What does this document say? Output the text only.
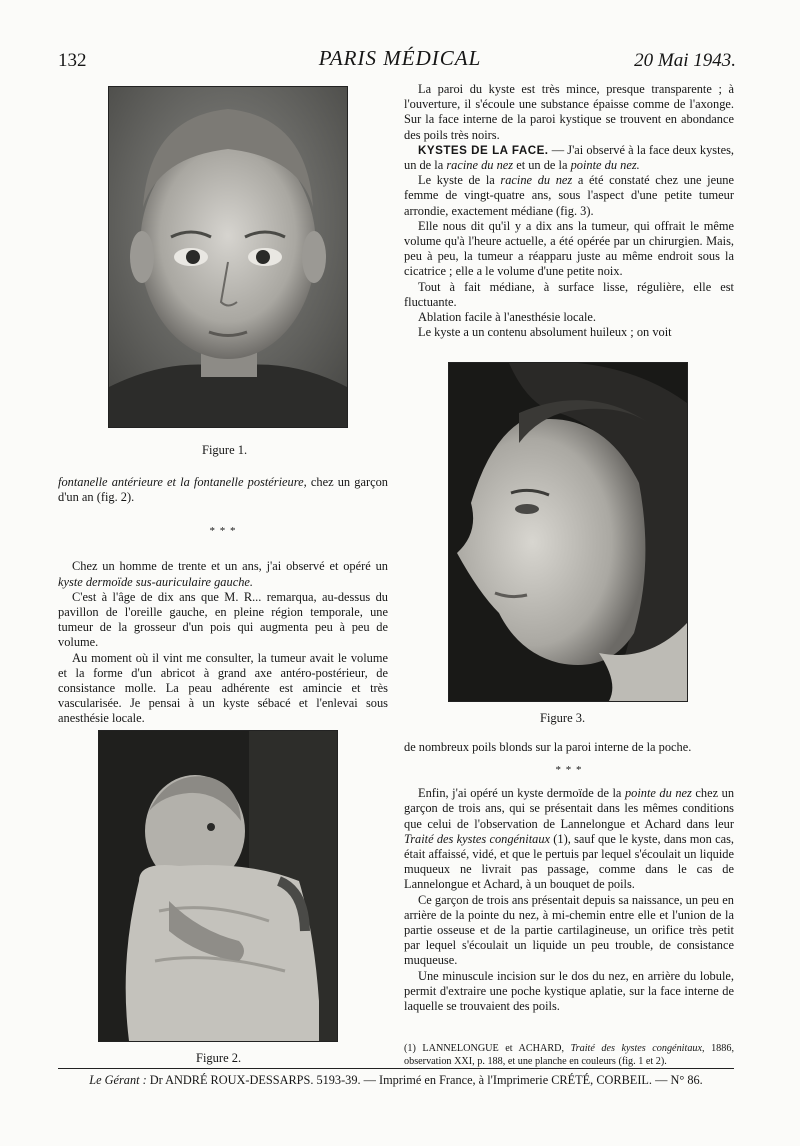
132	PARIS MÉDICAL	20 Mai 1943.
Figure 1.

fontanelle antérieure et la fontanelle postérieure, chez un garçon d'un an (fig. 2).

* * *

Chez un homme de trente et un ans, j'ai observé et opéré un kyste dermoïde sus-auriculaire gauche.

C'est à l'âge de dix ans que M. R... remarqua, au-dessus du pavillon de l'oreille gauche, en pleine région temporale, une tumeur de la grosseur d'un pois qui augmenta peu à peu de volume.

Au moment où il vint me consulter, la tumeur avait le volume et la forme d'un abricot à grand axe antéro-postérieur, de consistance molle. La peau adhérente est amincie et très vascularisée. Je pensai à un kyste sébacé et l'enlevai sous anesthésie locale.

Figure 2.

La paroi du kyste est très mince, presque transparente ; à l'ouverture, il s'écoule une substance épaisse comme de l'axonge. Sur la face interne de la paroi kystique se trouvent en abondance des poils très noirs.

KYSTES DE LA FACE. — J'ai observé à la face deux kystes, un de la racine du nez et un de la pointe du nez.

Le kyste de la racine du nez a été constaté chez une jeune femme de vingt-quatre ans, sous l'aspect d'une petite tumeur arrondie, exactement médiane (fig. 3).

Elle nous dit qu'il y a dix ans la tumeur, qui offrait le même volume qu'à l'heure actuelle, a été opérée par un chirurgien. Mais, peu à peu, la tumeur a réapparu juste au même endroit sous la cicatrice ; elle a le volume d'une petite noix.

Tout à fait médiane, à surface lisse, régulière, elle est fluctuante.

Ablation facile à l'anesthésie locale.

Le kyste a un contenu absolument huileux ; on voit

Figure 3.

de nombreux poils blonds sur la paroi interne de la poche.

* * *

Enfin, j'ai opéré un kyste dermoïde de la pointe du nez chez un garçon de trois ans, qui se présentait dans les mêmes conditions que celui de l'observation de Lannelongue et Achard dans leur Traité des kystes congénitaux (1), sauf que le kyste, dans mon cas, était affaissé, vidé, et que le pertuis par lequel s'écoulait un liquide muqueux ne livrait pas passage, comme dans le cas de Lannelongue et Achard, à un bouquet de poils.

Ce garçon de trois ans présentait depuis sa naissance, un peu en arrière de la pointe du nez, à mi-chemin entre elle et l'union de la partie osseuse et de la partie cartilagineuse, un orifice très petit par lequel s'écoulait un liquide un peu trouble, de consistance muqueuse.

Une minuscule incision sur le dos du nez, en arrière du lobule, permit d'extraire une poche kystique aplatie, sur la face interne de laquelle se trouvaient des poils.

(1) LANNELONGUE et ACHARD, Traité des kystes congénitaux, 1886, observation XXI, p. 188, et une planche en couleurs (fig. 1 et 2).
Le Gérant : Dr ANDRÉ ROUX-DESSARPS. 5193-39. — Imprimé en France, à l'Imprimerie CRÉTÉ, CORBEIL. — N° 86.
